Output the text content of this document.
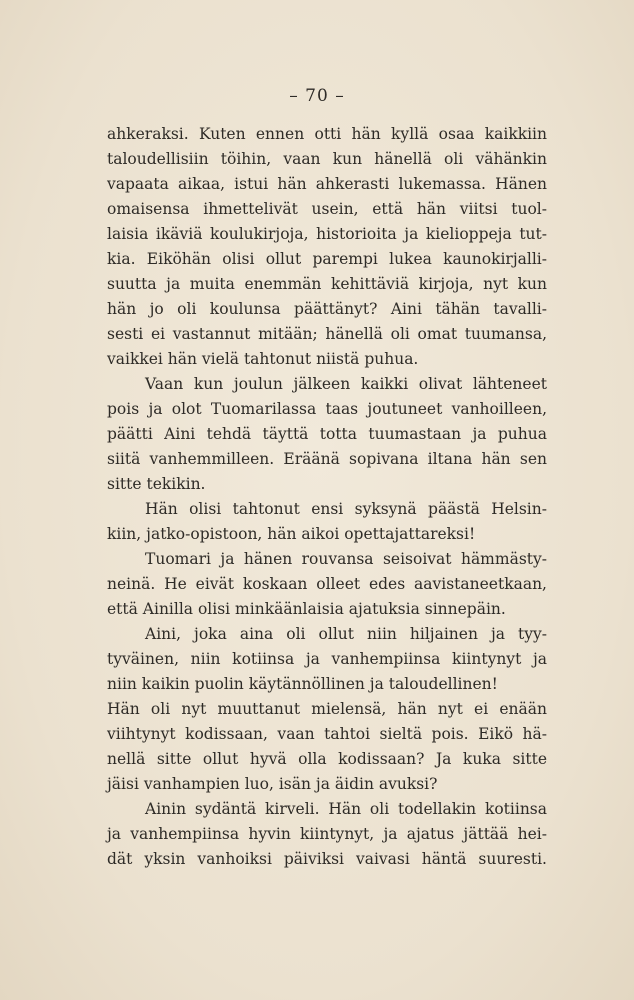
– 70 –
ahkeraksi. Kuten ennen otti hän kyllä osaa kaikkiin
taloudellisiin töihin, vaan kun hänellä oli vähänkin
vapaata aikaa, istui hän ahkerasti lukemassa. Hänen
omaisensa ihmettelivät usein, että hän viitsi tuol-
laisia ikäviä koulukirjoja, historioita ja kielioppeja tut-
kia. Eiköhän olisi ollut parempi lukea kaunokirjalli-
suutta ja muita enemmän kehittäviä kirjoja, nyt kun
hän jo oli koulunsa päättänyt? Aini tähän tavalli-
sesti ei vastannut mitään; hänellä oli omat tuumansa,
vaikkei hän vielä tahtonut niistä puhua.
Vaan kun joulun jälkeen kaikki olivat lähteneet
pois ja olot Tuomarilassa taas joutuneet vanhoilleen,
päätti Aini tehdä täyttä totta tuumastaan ja puhua
siitä vanhemmilleen. Eräänä sopivana iltana hän sen
sitte tekikin.
Hän olisi tahtonut ensi syksynä päästä Helsin-
kiin, jatko-opistoon, hän aikoi opettajattareksi!
Tuomari ja hänen rouvansa seisoivat hämmästy-
neinä. He eivät koskaan olleet edes aavistaneetkaan,
että Ainilla olisi minkäänlaisia ajatuksia sinnepäin.
Aini, joka aina oli ollut niin hiljainen ja tyy-
tyväinen, niin kotiinsa ja vanhempiinsa kiintynyt ja
niin kaikin puolin käytännöllinen ja taloudellinen!
Hän oli nyt muuttanut mielensä, hän nyt ei enään
viihtynyt kodissaan, vaan tahtoi sieltä pois. Eikö hä-
nellä sitte ollut hyvä olla kodissaan? Ja kuka sitte
jäisi vanhampien luo, isän ja äidin avuksi?
Ainin sydäntä kirveli. Hän oli todellakin kotiinsa
ja vanhempiinsa hyvin kiintynyt, ja ajatus jättää hei-
dät yksin vanhoiksi päiviksi vaivasi häntä suuresti.
